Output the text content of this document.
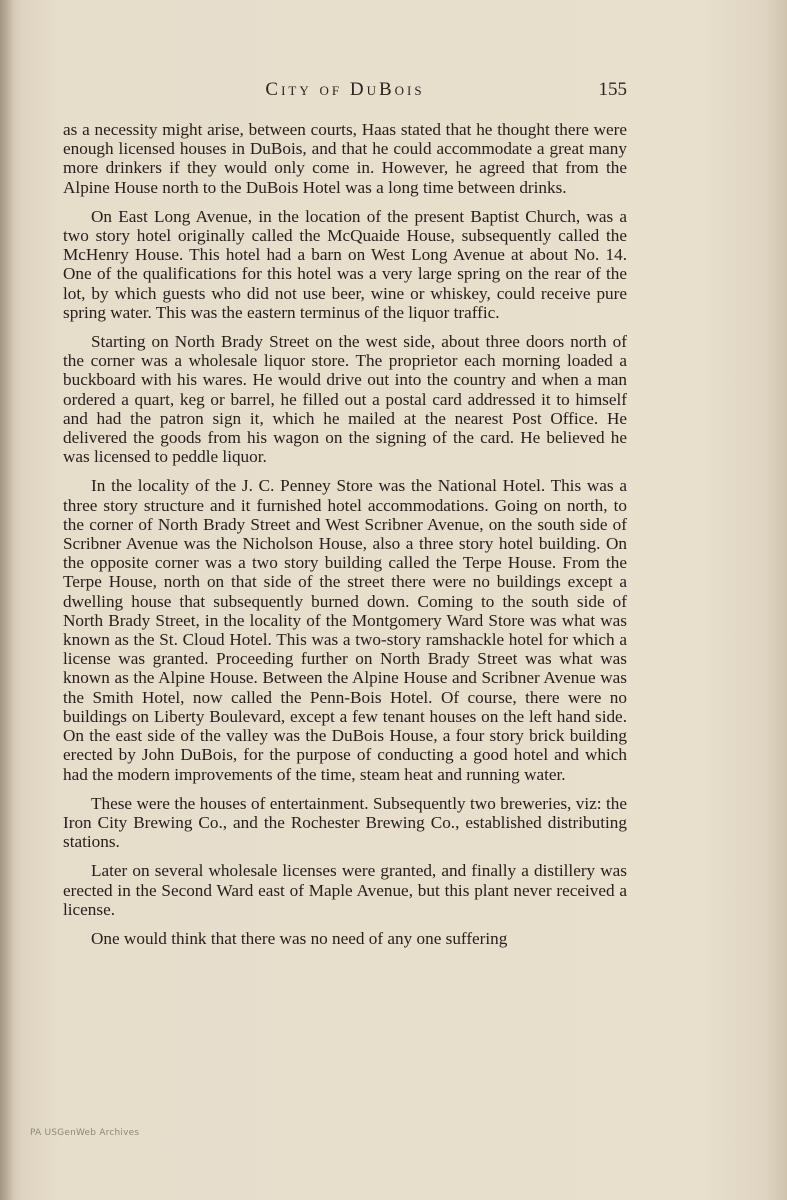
City of DuBois	155

as a necessity might arise, between courts, Haas stated that he thought there were enough licensed houses in DuBois, and that he could accommodate a great many more drinkers if they would only come in. However, he agreed that from the Alpine House north to the DuBois Hotel was a long time between drinks.

On East Long Avenue, in the location of the present Baptist Church, was a two story hotel originally called the McQuaide House, subsequently called the McHenry House. This hotel had a barn on West Long Avenue at about No. 14. One of the qualifications for this hotel was a very large spring on the rear of the lot, by which guests who did not use beer, wine or whiskey, could receive pure spring water. This was the eastern terminus of the liquor traffic.

Starting on North Brady Street on the west side, about three doors north of the corner was a wholesale liquor store. The proprietor each morning loaded a buckboard with his wares. He would drive out into the country and when a man ordered a quart, keg or barrel, he filled out a postal card addressed it to himself and had the patron sign it, which he mailed at the nearest Post Office. He delivered the goods from his wagon on the signing of the card. He believed he was licensed to peddle liquor.

In the locality of the J. C. Penney Store was the National Hotel. This was a three story structure and it furnished hotel accommodations. Going on north, to the corner of North Brady Street and West Scribner Avenue, on the south side of Scribner Avenue was the Nicholson House, also a three story hotel building. On the opposite corner was a two story building called the Terpe House. From the Terpe House, north on that side of the street there were no buildings except a dwelling house that subsequently burned down. Coming to the south side of North Brady Street, in the locality of the Montgomery Ward Store was what was known as the St. Cloud Hotel. This was a two-story ramshackle hotel for which a license was granted. Proceeding further on North Brady Street was what was known as the Alpine House. Between the Alpine House and Scribner Avenue was the Smith Hotel, now called the Penn-Bois Hotel. Of course, there were no buildings on Liberty Boulevard, except a few tenant houses on the left hand side. On the east side of the valley was the DuBois House, a four story brick building erected by John DuBois, for the purpose of conducting a good hotel and which had the modern improvements of the time, steam heat and running water.

These were the houses of entertainment. Subsequently two breweries, viz: the Iron City Brewing Co., and the Rochester Brewing Co., established distributing stations.

Later on several wholesale licenses were granted, and finally a distillery was erected in the Second Ward east of Maple Avenue, but this plant never received a license.

One would think that there was no need of any one suffering

PA USGenWeb Archives
